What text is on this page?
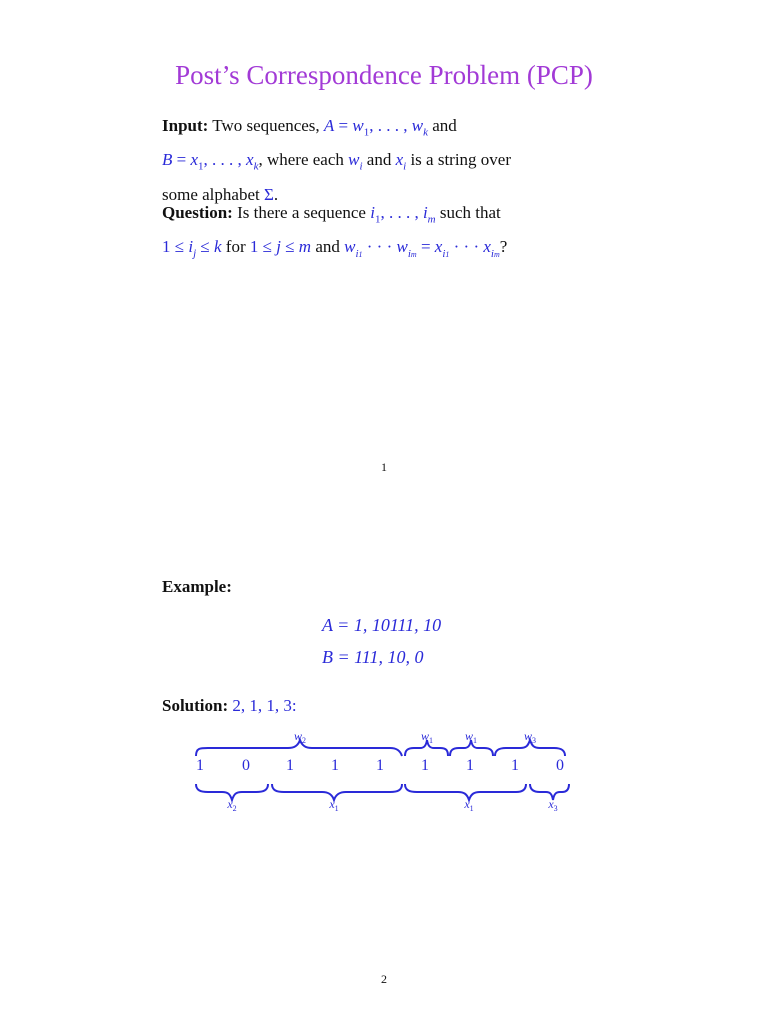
Post’s Correspondence Problem (PCP)
Input: Two sequences, $A = w_1$, . . . , $w_k$ and
$B = x_1$, . . . , $x_k$, where each $w_i$ and $x_i$ is a string over
some alphabet Σ.
Question: Is there a sequence $i_1$, . . . , $i_m$ such that
$1 \le i_j \le k$ for 1 ≤ j ≤ m and $w_{i1}$ · · · $w_{im} = x_{i1}$ · · · $x_{im}$?
1
Example:
A = 1, 10111, 10
B = 111, 10, 0
Solution: 2, 1, 1, 3:
1 0 1 1 1 1 1 1 0
$w_2$	$w_1$	$w_1$	$w_3$
$x_2$	$x_1$	$x_1$	$x_3$
2
